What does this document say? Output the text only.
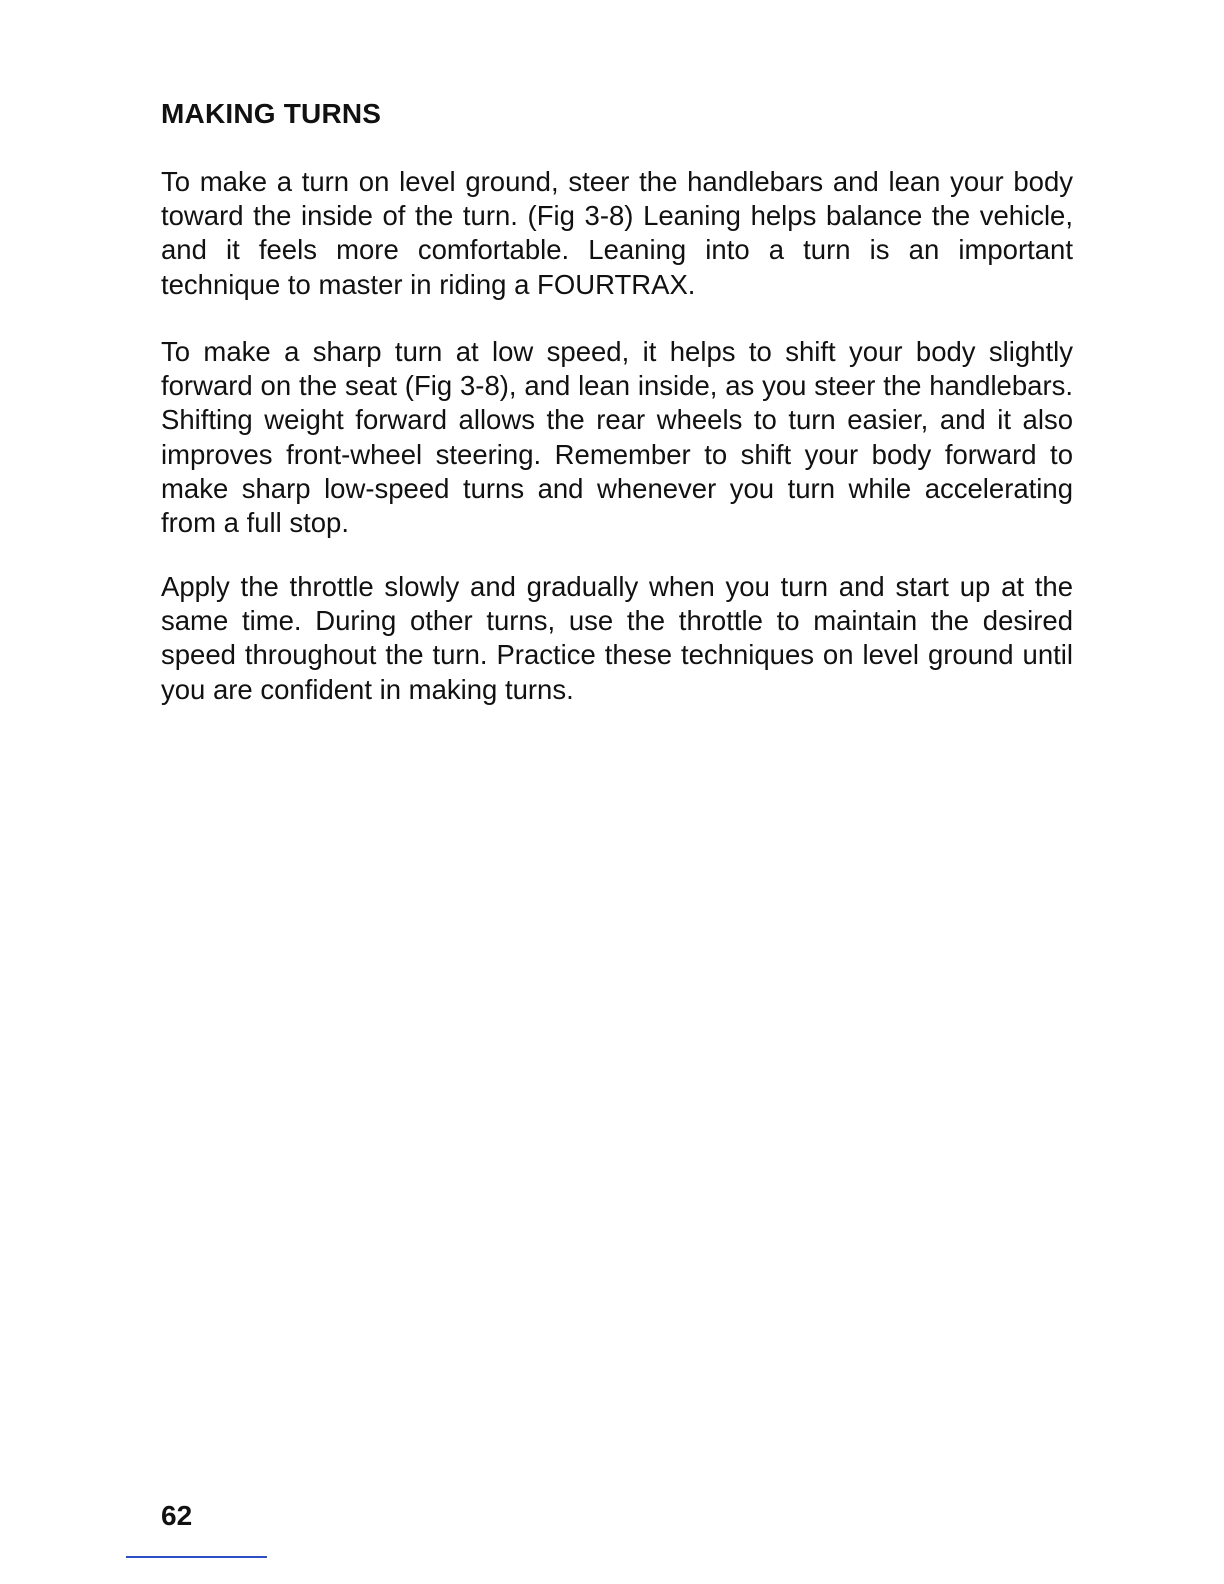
MAKING TURNS

To make a turn on level ground, steer the handlebars and lean your body toward the inside of the turn. (Fig 3-8) Leaning helps balance the vehicle, and it feels more comfortable. Leaning into a turn is an important technique to master in riding a FOURTRAX.

To make a sharp turn at low speed, it helps to shift your body slightly forward on the seat (Fig 3-8), and lean inside, as you steer the handlebars. Shifting weight forward allows the rear wheels to turn easier, and it also improves front-wheel steering. Remember to shift your body forward to make sharp low-speed turns and whenever you turn while accelerating from a full stop.

Apply the throttle slowly and gradually when you turn and start up at the same time. During other turns, use the throttle to maintain the desired speed throughout the turn. Practice these techniques on level ground until you are confident in making turns.

62
